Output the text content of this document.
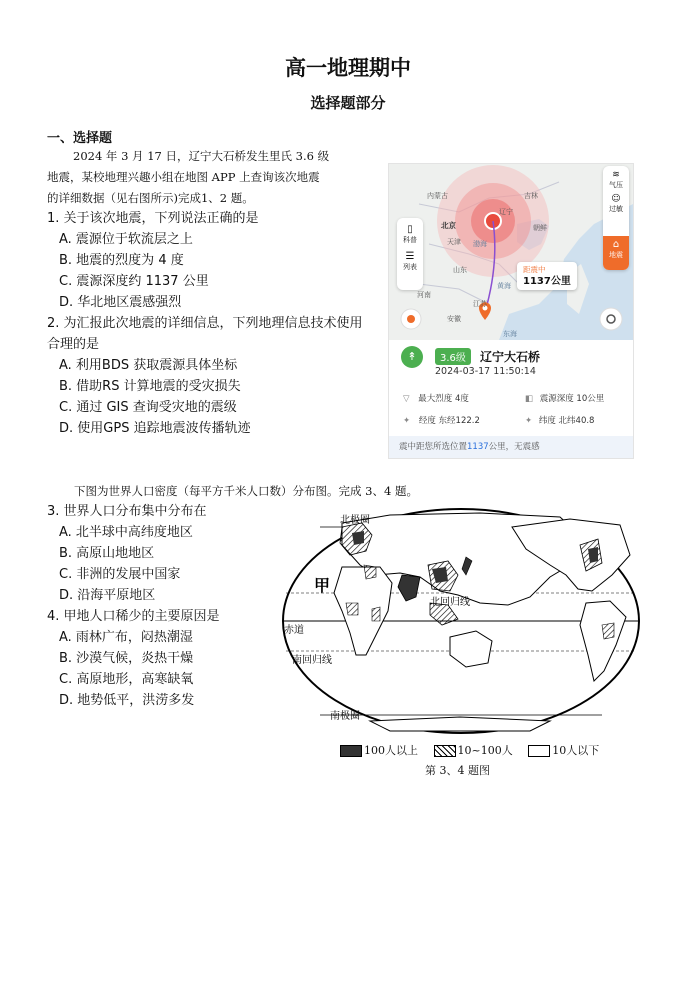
高一地理期中
选择题部分
一、选择题
2024 年 3 月 17 日，辽宁大石桥发生里氏 3.6 级
地震，某校地理兴趣小组在地图 APP 上查询该次地震
的详细数据（见右图所示)完成1、2 题。
1. 关于该次地震，下列说法正确的是
A. 震源位于软流层之上
B. 地震的烈度为 4 度
C. 震源深度约 1137 公里
D. 华北地区震感强烈
2. 为汇报此次地震的详细信息，下列地理信息技术使用
合理的是
A. 利用BDS 获取震源具体坐标
B. 借助RS 计算地震的受灾损失
C. 通过 GIS 查询受灾地的震级
D. 使用GPS 追踪地震波传播轨迹
内蒙古	吉林
辽宁
北京
天津 渤海
朝鲜
山东
河南
黄海
江苏
安徽
东海
▯
科普
☰
列表
≋
气压
☺
过敏
⌂
地震
距震中
1137公里
↟	3.6级 辽宁大石桥
2024-03-17 11:50:14
▽ 最大烈度 4度	◧ 震源深度 10公里
✦ 经度 东经122.2	✦ 纬度 北纬40.8
震中距您所选位置1137公里，无震感
下图为世界人口密度（每平方千米人口数）分布图。完成 3、4 题。
3. 世界人口分布集中分布在
A. 北半球中高纬度地区
B. 高原山地地区
C. 非洲的发展中国家
D. 沿海平原地区
4. 甲地人口稀少的主要原因是
A. 雨林广布，闷热潮湿
B. 沙漠气候，炎热干燥
C. 高原地形，高寒缺氧
D. 地势低平，洪涝多发
北极圈
甲
北回归线
赤道
南回归线
南极圈
100人以上	10~100人	10人以下
第 3、4 题图
